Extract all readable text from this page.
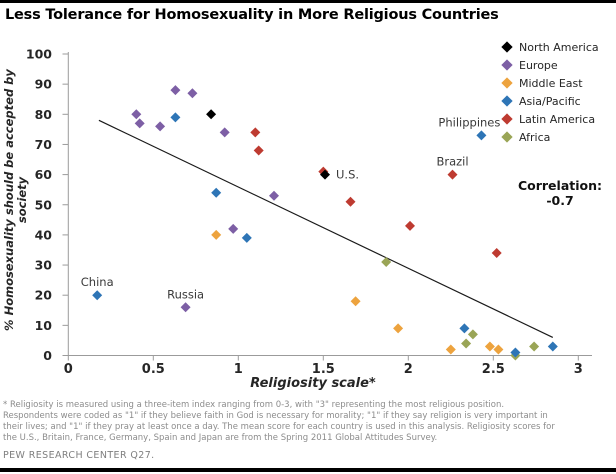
Less Tolerance for Homosexuality in More Religious Countries
0
10
20
30
40
50
60
70
80
90
100
0	0.5	1	1.5	2	2.5	3
U.S.
Russia
China
Philippines
Brazil
% Homosexuality should be accepted by society
Religiosity scale*
North America
Europe
Middle East
Asia/Pacific
Latin America
Africa
Correlation:
-0.7
* Religiosity is measured using a three-item index ranging from 0-3, with "3" representing the most religious position.
Respondents were coded as "1" if they believe faith in God is necessary for morality; "1" if they say religion is very important in
their lives; and "1" if they pray at least once a day. The mean score for each country is used in this analysis. Religiosity scores for
the U.S., Britain, France, Germany, Spain and Japan are from the Spring 2011 Global Attitudes Survey.
PEW RESEARCH CENTER Q27.
